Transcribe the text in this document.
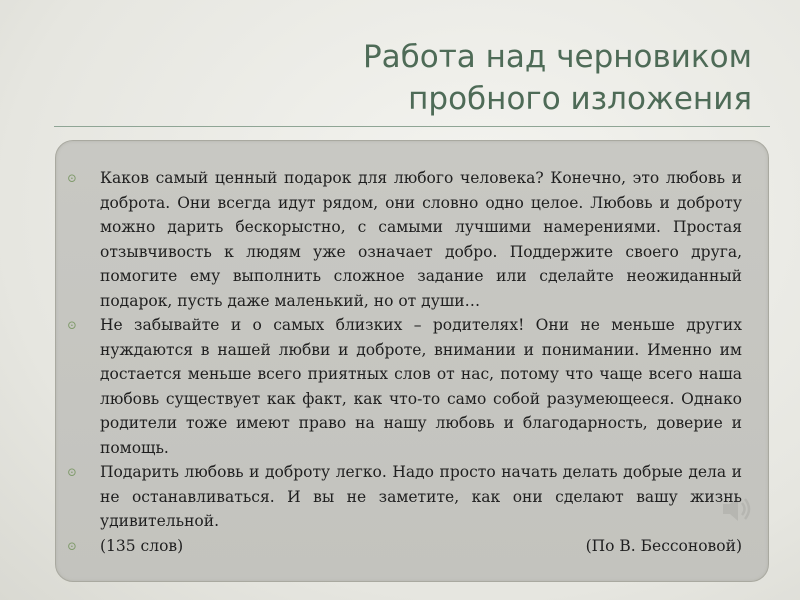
Работа над черновиком
пробного изложения
⊙	Каков самый ценный подарок для любого человека? Конечно, это любовь и доброта. Они всегда идут рядом, они словно одно целое. Любовь и доброту можно дарить бескорыстно, с самыми лучшими намерениями. Простая отзывчивость к людям уже означает добро. Поддержите своего друга, помогите ему выполнить сложное задание или сделайте неожиданный подарок, пусть даже маленький, но от души…
⊙	Не забывайте и о самых близких – родителях! Они не меньше других нуждаются в нашей любви и доброте, внимании и понимании. Именно им достается меньше всего приятных слов от нас, потому что чаще всего наша любовь существует как факт, как что-то само собой разумеющееся. Однако родители тоже имеют право на нашу любовь и благодарность, доверие и помощь.
⊙	Подарить любовь и доброту легко. Надо просто начать делать добрые дела и не останавливаться. И вы не заметите, как они сделают вашу жизнь удивительной.
⊙	(135 слов)	(По В. Бессоновой)
